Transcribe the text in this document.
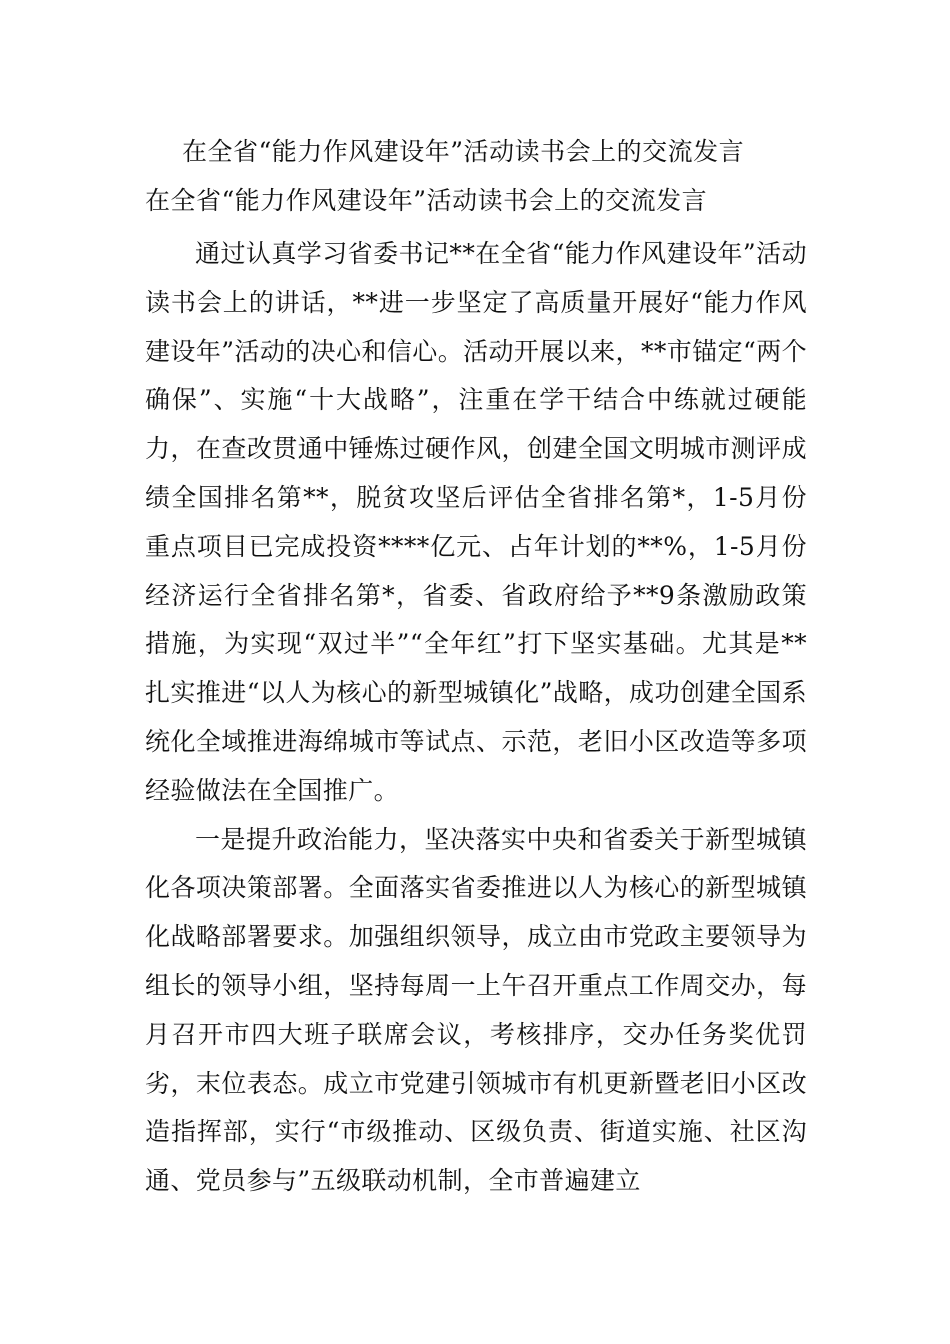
在全省“能力作风建设年”活动读书会上的交流发言
在全省“能力作风建设年”活动读书会上的交流发言

通过认真学习省委书记**在全省“能力作风建设年”活动读书会上的讲话，**进一步坚定了高质量开展好“能力作风建设年”活动的决心和信心。活动开展以来，**市锚定“两个确保”、实施“十大战略”，注重在学干结合中练就过硬能力，在查改贯通中锤炼过硬作风，创建全国文明城市测评成绩全国排名第**，脱贫攻坚后评估全省排名第*，1-5月份重点项目已完成投资****亿元、占年计划的**%，1-5月份经济运行全省排名第*，省委、省政府给予**9条激励政策措施，为实现“双过半”“全年红”打下坚实基础。尤其是**扎实推进“以人为核心的新型城镇化”战略，成功创建全国系统化全域推进海绵城市等试点、示范，老旧小区改造等多项经验做法在全国推广。

一是提升政治能力，坚决落实中央和省委关于新型城镇化各项决策部署。全面落实省委推进以人为核心的新型城镇化战略部署要求。加强组织领导，成立由市党政主要领导为组长的领导小组，坚持每周一上午召开重点工作周交办，每月召开市四大班子联席会议，考核排序，交办任务奖优罚劣，末位表态。成立市党建引领城市有机更新暨老旧小区改造指挥部，实行“市级推动、区级负责、街道实施、社区沟通、党员参与”五级联动机制，全市普遍建立
